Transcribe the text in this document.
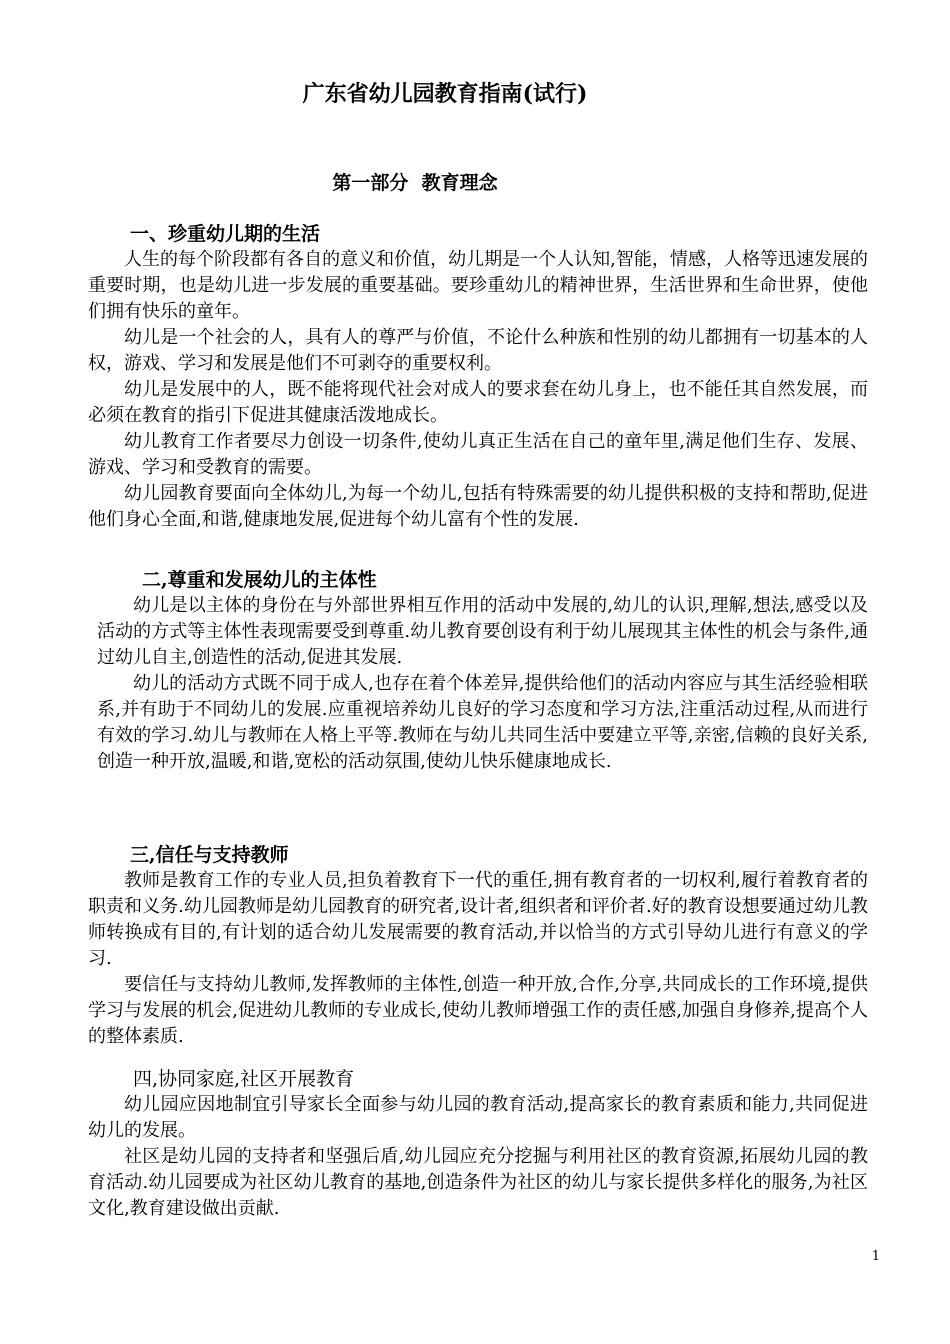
广东省幼儿园教育指南(试行)
第一部分  教育理念
一、珍重幼儿期的生活

人生的每个阶段都有各自的意义和价值，幼儿期是一个人认知,智能，情感，人格等迅速发展的重要时期，也是幼儿进一步发展的重要基础。要珍重幼儿的精神世界，生活世界和生命世界，使他们拥有快乐的童年。

幼儿是一个社会的人，具有人的尊严与价值，不论什么种族和性别的幼儿都拥有一切基本的人权，游戏、学习和发展是他们不可剥夺的重要权利。

幼儿是发展中的人，既不能将现代社会对成人的要求套在幼儿身上，也不能任其自然发展，而必须在教育的指引下促进其健康活泼地成长。

幼儿教育工作者要尽力创设一切条件,使幼儿真正生活在自己的童年里,满足他们生存、发展、游戏、学习和受教育的需要。

幼儿园教育要面向全体幼儿,为每一个幼儿,包括有特殊需要的幼儿提供积极的支持和帮助,促进他们身心全面,和谐,健康地发展,促进每个幼儿富有个性的发展.

二,尊重和发展幼儿的主体性

幼儿是以主体的身份在与外部世界相互作用的活动中发展的,幼儿的认识,理解,想法,感受以及活动的方式等主体性表现需要受到尊重.幼儿教育要创设有利于幼儿展现其主体性的机会与条件,通过幼儿自主,创造性的活动,促进其发展.

幼儿的活动方式既不同于成人,也存在着个体差异,提供给他们的活动内容应与其生活经验相联系,并有助于不同幼儿的发展.应重视培养幼儿良好的学习态度和学习方法,注重活动过程,从而进行有效的学习.幼儿与教师在人格上平等.教师在与幼儿共同生活中要建立平等,亲密,信赖的良好关系,创造一种开放,温暖,和谐,宽松的活动氛围,使幼儿快乐健康地成长.

三,信任与支持教师

教师是教育工作的专业人员,担负着教育下一代的重任,拥有教育者的一切权利,履行着教育者的职责和义务.幼儿园教师是幼儿园教育的研究者,设计者,组织者和评价者.好的教育设想要通过幼儿教师转换成有目的,有计划的适合幼儿发展需要的教育活动,并以恰当的方式引导幼儿进行有意义的学习.

要信任与支持幼儿教师,发挥教师的主体性,创造一种开放,合作,分享,共同成长的工作环境,提供学习与发展的机会,促进幼儿教师的专业成长,使幼儿教师增强工作的责任感,加强自身修养,提高个人的整体素质.

四,协同家庭,社区开展教育

幼儿园应因地制宜引导家长全面参与幼儿园的教育活动,提高家长的教育素质和能力,共同促进幼儿的发展。

社区是幼儿园的支持者和坚强后盾,幼儿园应充分挖掘与利用社区的教育资源,拓展幼儿园的教育活动.幼儿园要成为社区幼儿教育的基地,创造条件为社区的幼儿与家长提供多样化的服务,为社区文化,教育建设做出贡献.

1
